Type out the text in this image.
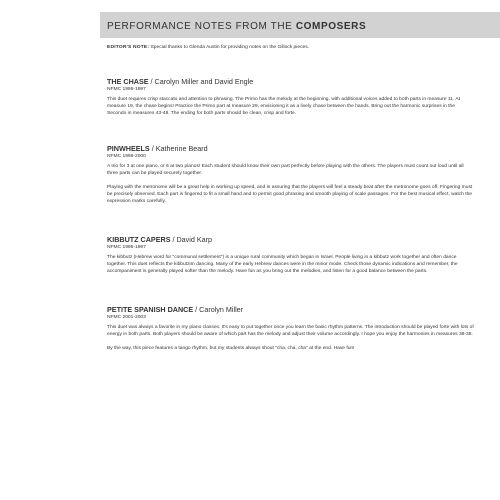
PERFORMANCE NOTES FROM THE COMPOSERS

EDITOR'S NOTE: Special thanks to Glenda Austin for providing notes on the Gillock pieces.

THE CHASE / Carolyn Miller and David Engle

NFMC 1995-1997

This duet requires crisp staccato and attention to phrasing. The Primo has the melody at the beginning, with additional voices added to both parts in measure 11. At measure 19, the chase begins! Practice the Primo part at measure 29, envisioning it as a lively chase between the hands. Bring out the harmonic surprises in the Secondo in measures 43-48. The ending for both parts should be clean, crisp and forte.

PINWHEELS / Katherine Beard

NFMC 1998-2000

A trio for 3 at one piano, or 6 at two pianos! Each student should know their own part perfectly before playing with the others. The players must count out loud until all three parts can be played securely together.

Playing with the metronome will be a great help in working up speed, and in assuring that the players will feel a steady beat after the metronome goes off. Fingering must be precisely observed. Each part is fingered to fit a small hand and to permit good phrasing and smooth playing of scale passages. For the best musical effect, watch the expression marks carefully.

KIBBUTZ CAPERS / David Karp

NFMC 1995-1997

The kibbutz (Hebrew word for "communal settlement") is a unique rural community which began in Israel. People living in a kibbutz work together and often dance together. This duet reflects the kibbutzim dancing. Many of the early Hebrew dances were in the minor mode. Check those dynamic indications and remember, the accompaniment is generally played softer than the melody. Have fun as you bring out the melodies, and listen for a good balance between the parts.

PETITE SPANISH DANCE / Carolyn Miller

NFMC 2001-2003

This duet was always a favorite in my piano classes. It's easy to put together once you learn the basic rhythm patterns. The introduction should be played forte with lots of energy in both parts. Both players should be aware of which part has the melody and adjust their volume accordingly. I hope you enjoy the harmonies in measures 36-38.

By the way, this piece features a tango rhythm, but my students always shout "cha, cha, cha" at the end. Have fun!
